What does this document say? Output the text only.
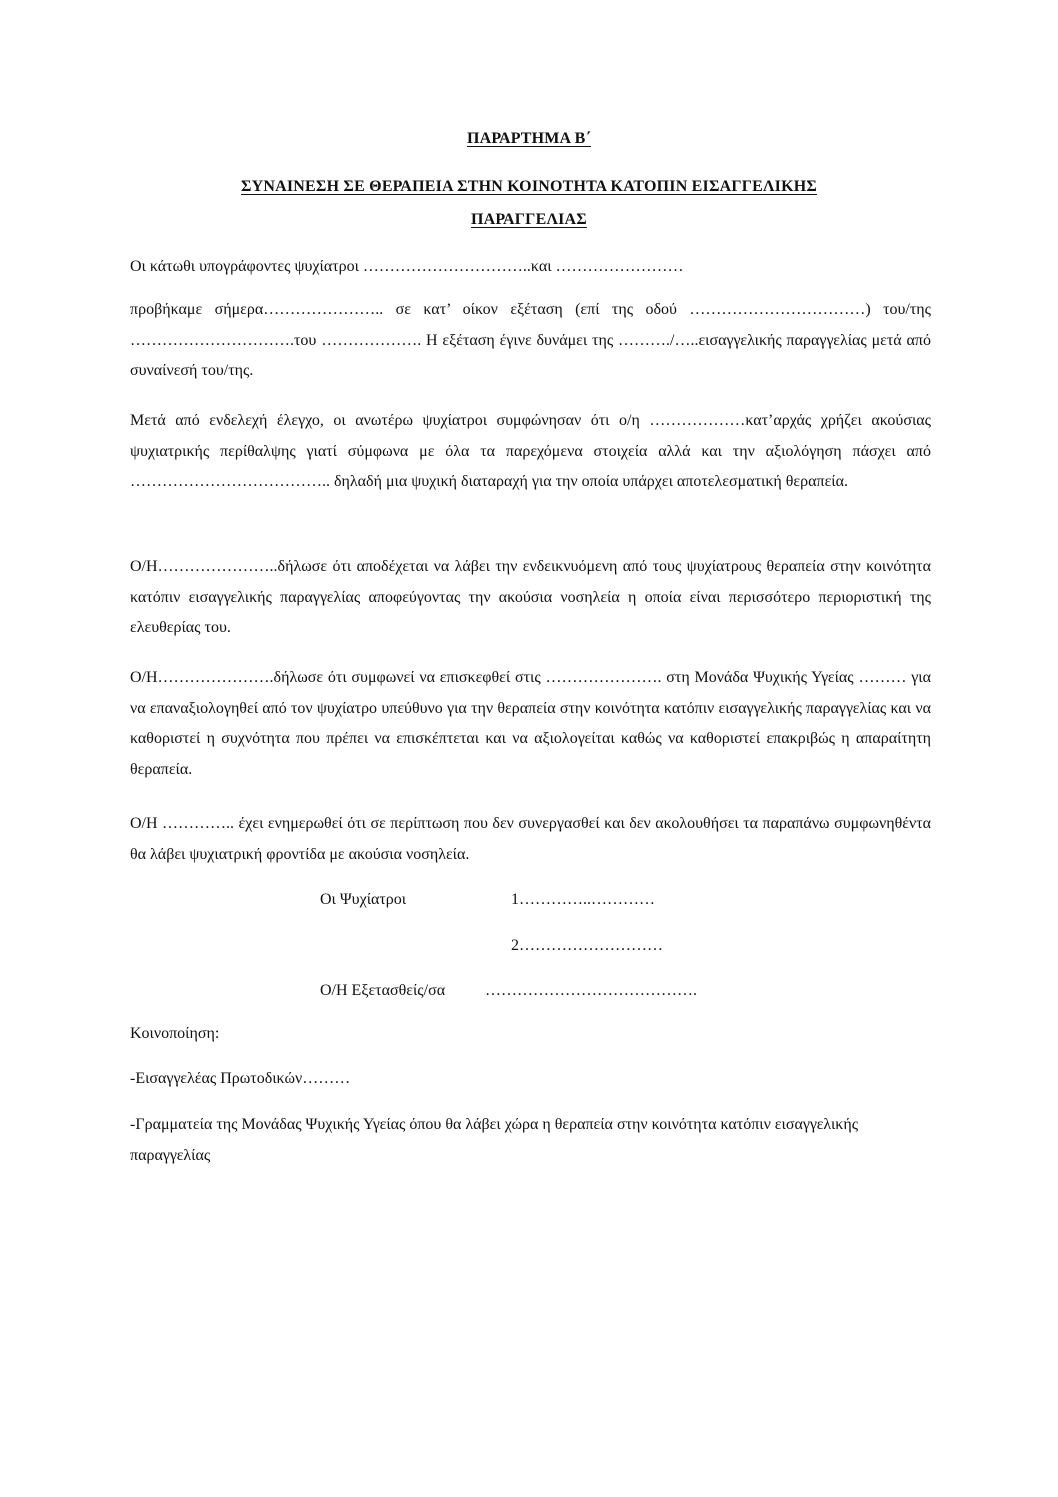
ΠΑΡΑΡΤΗΜΑ Β΄
ΣΥΝΑΙΝΕΣΗ ΣΕ ΘΕΡΑΠΕΙΑ ΣΤΗΝ ΚΟΙΝΟΤΗΤΑ ΚΑΤΟΠΙΝ ΕΙΣΑΓΓΕΛΙΚΗΣ
ΠΑΡΑΓΓΕΛΙΑΣ
Οι κάτωθι υπογράφοντες ψυχίατροι …………………………..και ……………………
προβήκαμε σήμερα………………….. σε κατ’ οίκον εξέταση (επί της οδού ……………………………) του/της ………………………….του ………………. Η εξέταση έγινε δυνάμει της ………./…..εισαγγελικής παραγγελίας μετά από συναίνεσή του/της.
Μετά από ενδελεχή έλεγχο, οι ανωτέρω ψυχίατροι συμφώνησαν ότι ο/η ………………κατ’αρχάς χρήζει ακούσιας ψυχιατρικής περίθαλψης γιατί σύμφωνα με όλα τα παρεχόμενα στοιχεία αλλά και την αξιολόγηση πάσχει από ……………………………….. δηλαδή μια ψυχική διαταραχή για την οποία υπάρχει αποτελεσματική θεραπεία.
Ο/Η…………………..δήλωσε ότι αποδέχεται να λάβει την ενδεικνυόμενη από τους ψυχίατρους θεραπεία στην κοινότητα κατόπιν εισαγγελικής παραγγελίας αποφεύγοντας την ακούσια νοσηλεία η οποία είναι περισσότερο περιοριστική της ελευθερίας του.
Ο/Η………………….δήλωσε ότι συμφωνεί να επισκεφθεί στις …………………. στη Μονάδα Ψυχικής Υγείας ……… για να επαναξιολογηθεί από τον ψυχίατρο υπεύθυνο για την θεραπεία στην κοινότητα κατόπιν εισαγγελικής παραγγελίας και να καθοριστεί η συχνότητα που πρέπει να επισκέπτεται και να αξιολογείται καθώς να καθοριστεί επακριβώς η απαραίτητη θεραπεία.
Ο/Η ………….. έχει ενημερωθεί ότι σε περίπτωση που δεν συνεργασθεί και δεν ακολουθήσει τα παραπάνω συμφωνηθέντα θα λάβει ψυχιατρική φροντίδα με ακούσια νοσηλεία.
Οι Ψυχίατροι	1…………..…………
2………………………
Ο/Η Εξετασθείς/σα ………………………………….
Κοινοποίηση:
-Εισαγγελέας Πρωτοδικών………
-Γραμματεία της Μονάδας Ψυχικής Υγείας όπου θα λάβει χώρα η θεραπεία στην κοινότητα κατόπιν εισαγγελικής παραγγελίας
